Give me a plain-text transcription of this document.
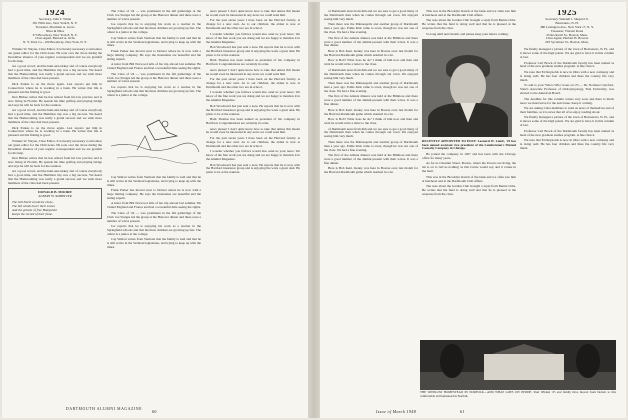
1924
Secretary, John T. White
301 Fifth Ave., New York 8, N. Y.
Treasurer, Mortimer A. Gross
Niles & Niles
375 Broadway, New York 8, N. Y.
Class Agent, Bernard A. Ochs
N. Y. Trust Co., 100 Broadway, New York, N. Y.

Wrinnie W. Wayne, Class Editor. It is hereby necessary to introduce our guest editor for the 1924 notes. He took over the chore during the December absence of your regular correspondent and we are grateful for his help.

not a good crowd, and the ham-and-turkey and of course everybody had a good time, and the Hamilton trip was a big success. We heard that the Homecoming was really a grand success and we wish more members of the class had been present.

Dick Parkes is on the move again. Last reports put him in Connecticut where he is working in a bank. He writes that life is pleasant and the fishing is good.

Don Bisbee writes that he has retired from his law practice and is now living in Florida. He spends his time golfing and playing bridge and says he will be back for the reunion.

not a good crowd, and the ham-and-turkey and of course everybody had a good time, and the Hamilton trip was a big success. We heard that the Homecoming was really a grand success and we wish more members of the class had been present.

Dick Parkes is on the move again. Last reports put him in Connecticut where he is working in a bank. He writes that life is pleasant and the fishing is good.

Wrinnie W. Wayne, Class Editor. It is hereby necessary to introduce our guest editor for the 1924 notes. He took over the chore during the December absence of your regular correspondent and we are grateful for his help.

Don Bisbee writes that he has retired from his law practice and is now living in Florida. He spends his time golfing and playing bridge and says he will be back for the reunion.

not a good crowd, and the ham-and-turkey and of course everybody had a good time, and the Hamilton trip was a big success. We heard that the Homecoming was really a grand success and we wish more members of the class had been present.

DONALD B. MOORE
ALBERT W. ROBINVER
The still North countries chose,
The hill winds lower their snows
And the greater of free Hampshire
Keeps the record of their fame.

The Class of '24 — was prominent in the fall gatherings of the Club. Joe Sturges led the group at the Hanover dinner and there were a number of wives present.

Joe reports that he is enjoying his work as a teacher in the Springfield schools and that his three children are growing up fast. The oldest is a junior at the college.

Cap Walton writes from Vermont that the family is well and that he is still active in the Vermont legislature, and trying to keep up with the times.

Frank Parker has moved west to Denver where he is now with a large mining company. He says the mountains are beautiful and the skiing superb.

A letter from Bill Norwood tells of his trip abroad last summer. He visited England and France and had a wonderful time seeing the sights.

The Class of '24 — was prominent in the fall gatherings of the Club. Joe Sturges led the group at the Hanover dinner and there were a number of wives present.

Joe reports that he is enjoying his work as a teacher in the Springfield schools and that his three children are growing up fast. The oldest is a junior at the college.

Cap Walton writes from Vermont that the family is well and that he is still active in the Vermont legislature, and trying to keep up with the times.

Frank Parker has moved west to Denver where he is now with a large mining company. He says the mountains are beautiful and the skiing superb.

A letter from Bill Norwood tells of his trip abroad last summer. He visited England and France and had a wonderful time seeing the sights.

The Class of '24 — was prominent in the fall gatherings of the Club. Joe Sturges led the group at the Hanover dinner and there were a number of wives present.

Joe reports that he is enjoying his work as a teacher in the Springfield schools and that his three children are growing up fast. The oldest is a junior at the college.

Cap Walton writes from Vermont that the family is well and that he is still active in the Vermont legislature, and trying to keep up with the times.

news please! I don't quite know how to take that unless Jim meant he would even be interested in any news we could send him.

For the past seven years I have been on the Harvard faculty. A change for a new start. As to our children, the eldest is now at Dartmouth and the other two are in school.

I wonder whether you fellows would also send us your news. We know of the fine work you are doing and we are happy to mention it in the Alumni Magazine.

Bob Woodward has just sent a note. He reports that he is now with the Hartford insurance group and is enjoying the work a great deal. He plans to be at the reunion.

Ham Thomas has been named as president of his company in Hartford. Congratulations are certainly in order.

news please! I don't quite know how to take that unless Jim meant he would even be interested in any news we could send him.

For the past seven years I have been on the Harvard faculty. A change for a new start. As to our children, the eldest is now at Dartmouth and the other two are in school.

I wonder whether you fellows would also send us your news. We know of the fine work you are doing and we are happy to mention it in the Alumni Magazine.

Bob Woodward has just sent a note. He reports that he is now with the Hartford insurance group and is enjoying the work a great deal. He plans to be at the reunion.

Ham Thomas has been named as president of his company in Hartford. Congratulations are certainly in order.

news please! I don't quite know how to take that unless Jim meant he would even be interested in any news we could send him.

For the past seven years I have been on the Harvard faculty. A change for a new start. As to our children, the eldest is now at Dartmouth and the other two are in school.

I wonder whether you fellows would also send us your news. We know of the fine work you are doing and we are happy to mention it in the Alumni Magazine.

Bob Woodward has just sent a note. He reports that he is now with the Hartford insurance group and is enjoying the work a great deal. He plans to be at the reunion.

60

of Dartmouth news from him and we are sure to get a good many of the Dartmouth men when he comes through our town. We enjoyed seeing him very much.

Then there was the Minneapolis and another group of Dartmouth men a year ago. Eddie Kirk came to town, though he was not one of the class. We had a fine evening.

The first of the Atlanta dinners was held at the Biltmore and there were a good number of the alumni present with their wives. It was a fine dinner.

Here is Bob Kent. Kenny was here in Boston once last month for the Harvard-Dartmouth game which resulted in a tie.

How is Bob? What does he do? I think of him now and then and wish he would write a letter to the class.

of Dartmouth news from him and we are sure to get a good many of the Dartmouth men when he comes through our town. We enjoyed seeing him very much.

Then there was the Minneapolis and another group of Dartmouth men a year ago. Eddie Kirk came to town, though he was not one of the class. We had a fine evening.

The first of the Atlanta dinners was held at the Biltmore and there were a good number of the alumni present with their wives. It was a fine dinner.

Here is Bob Kent. Kenny was here in Boston once last month for the Harvard-Dartmouth game which resulted in a tie.

How is Bob? What does he do? I think of him now and then and wish he would write a letter to the class.

of Dartmouth news from him and we are sure to get a good many of the Dartmouth men when he comes through our town. We enjoyed seeing him very much.

Then there was the Minneapolis and another group of Dartmouth men a year ago. Eddie Kirk came to town, though he was not one of the class. We had a fine evening.

The first of the Atlanta dinners was held at the Biltmore and there were a good number of the alumni present with their wives. It was a fine dinner.

Here is Bob Kent. Kenny was here in Boston once last month for the Harvard-Dartmouth game which resulted in a tie.

This was in the Brooklyn branch of the bank and we often saw him at luncheon and at the Dartmouth Club affairs.

The note about the Garden Club brought a reply from Bernie Ochs. He writes that the fund is doing well and that he is pleased at the response from the class.

So long until next month, and please keep your letters coming.

RECENTLY APPOINTED TO POST: Leonard W. Lamb, '25 has been named assistant vice president of the Lumbermen's Mutual Casualty Company in Chicago.

He joined the company in 1927 and has been with the Chicago office for many years.

As for us Chestnut Street, Boston, where the Powers are living, the bet is on to 'tell us nothing' as Jim Currie would say, and it comes in the mail.

This was in the Brooklyn branch of the bank and we often saw him at luncheon and at the Dartmouth Club affairs.

The note about the Garden Club brought a reply from Bernie Ochs. He writes that the fund is doing well and that he is pleased at the response from the class.

1925
Secretary, Wendell J. Shepard Jr.
Benvenuto, N. H.
480 Lexington Ave., New York 17, N. Y.
Treasurer, Vincent Rossi
45 Rockwell St., Boston, Mass.
Class Agent, Herbert H. Bowers
203 Sycamore St., Boston, Mass.

We finally managed a picture of the town of Benvenuto, N. H., and it shows some of the high points. We are glad to have it in this column at last.

Professor Carl Brock of the Dartmouth faculty has been named as head of the new graduate studies program. A fine choice.

We note that Ed Reynolds is now in Ohio with a new company and is doing well. He has four children and likes the country life very much.

To add to your 'Who's Who' notes on '25 — Dr. Norman Crawford, State's Associate Professor of Otolaryngology, Yale University, was elected to the American Board.

The deadline for this column comes very soon and there is much news we must leave for the next issue. Keep it coming.

We are asking Class members to send us news of themselves and of their families, as it is news that all of us enjoy reading about.

We finally managed a picture of the town of Benvenuto, N. H., and it shows some of the high points. We are glad to have it in this column at last.

Professor Carl Brock of the Dartmouth faculty has been named as head of the new graduate studies program. A fine choice.

We note that Ed Reynolds is now in Ohio with a new company and is doing well. He has four children and likes the country life very much.

Issue of March 1948	61
THE WINSLOW HOMESTEAD IN NORFOLK—AND WHAT GOES ON INSIDE: Paul Whalen '25 and family have moved from Detroit to this comfortable old homestead in Norfolk.
DARTMOUTH ALUMNI MAGAZINE
